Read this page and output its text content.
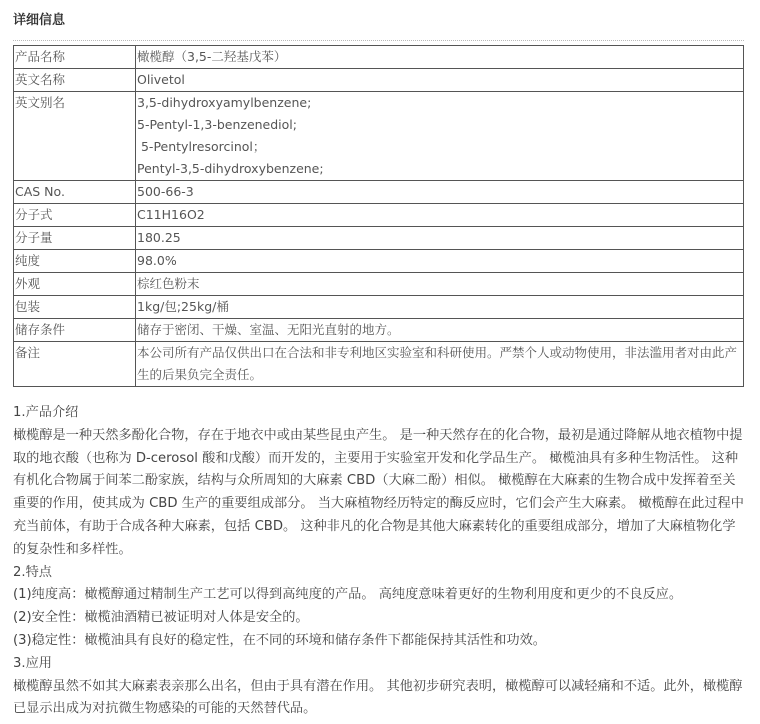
详细信息
产品名称	橄榄醇（3,5-二羟基戊苯）

英文名称	Olivetol

英文别名	3,5-dihydroxyamylbenzene;
5-Pentyl-1,3-benzenediol;
5-Pentylresorcinol；
Pentyl-3,5-dihydroxybenzene;

CAS No.	500-66-3

分子式	C11H16O2

分子量	180.25

纯度	98.0%

外观	棕红色粉末

包装	1kg/包;25kg/桶

储存条件	储存于密闭、干燥、室温、无阳光直射的地方。

备注	本公司所有产品仅供出口在合法和非专利地区实验室和科研使用。严禁个人或动物使用，非法滥用者对由此产生的后果负完全责任。

1.产品介绍

橄榄醇是一种天然多酚化合物，存在于地衣中或由某些昆虫产生。 是一种天然存在的化合物，最初是通过降解从地衣植物中提取的地衣酸（也称为 D-cerosol 酸和戊酸）而开发的，主要用于实验室开发和化学品生产。 橄榄油具有多种生物活性。 这种有机化合物属于间苯二酚家族，结构与众所周知的大麻素 CBD（大麻二酚）相似。 橄榄醇在大麻素的生物合成中发挥着至关重要的作用，使其成为 CBD 生产的重要组成部分。 当大麻植物经历特定的酶反应时，它们会产生大麻素。 橄榄醇在此过程中充当前体，有助于合成各种大麻素，包括 CBD。 这种非凡的化合物是其他大麻素转化的重要组成部分，增加了大麻植物化学的复杂性和多样性。

2.特点

(1)纯度高：橄榄醇通过精制生产工艺可以得到高纯度的产品。 高纯度意味着更好的生物利用度和更少的不良反应。

(2)安全性：橄榄油酒精已被证明对人体是安全的。

(3)稳定性：橄榄油具有良好的稳定性，在不同的环境和储存条件下都能保持其活性和功效。

3.应用

橄榄醇虽然不如其大麻素表亲那么出名，但由于具有潜在作用。 其他初步研究表明，橄榄醇可以减轻痛和不适。此外，橄榄醇已显示出成为对抗微生物感染的可能的天然替代品。
